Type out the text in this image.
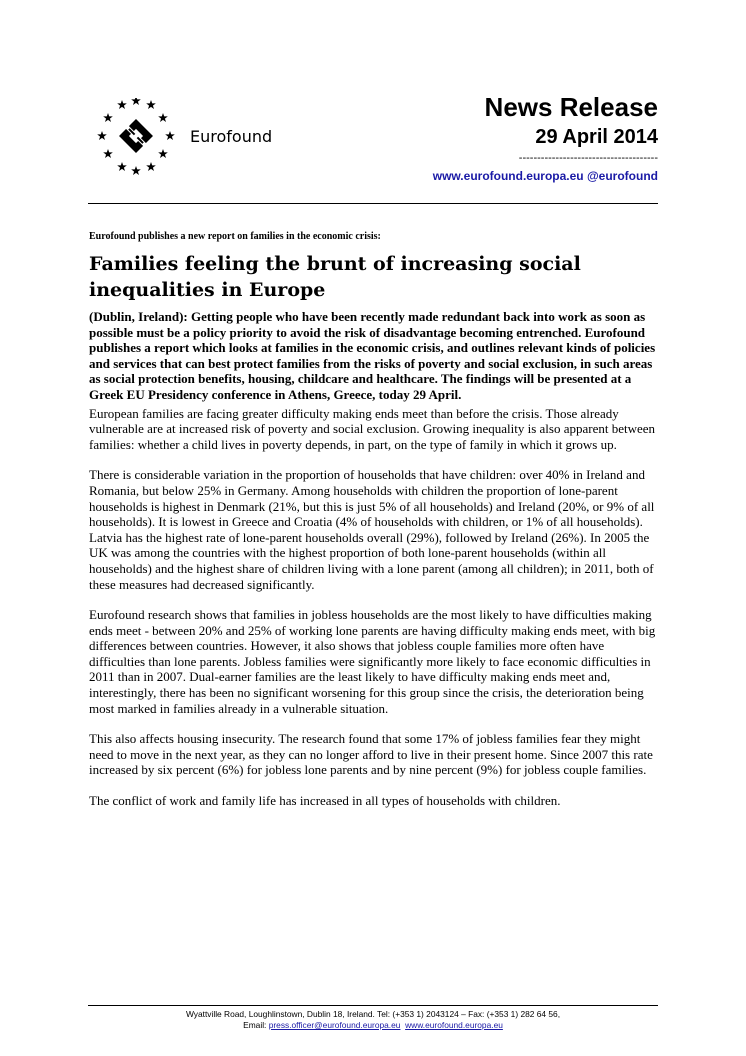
Eurofound
News Release
29 April 2014
--------------------------------------
www.eurofound.europa.eu @eurofound

Eurofound publishes a new report on families in the economic crisis:

Families feeling the brunt of increasing social inequalities in Europe

(Dublin, Ireland): Getting people who have been recently made redundant back into work as soon as possible must be a policy priority to avoid the risk of disadvantage becoming entrenched. Eurofound publishes a report which looks at families in the economic crisis, and outlines relevant kinds of policies and services that can best protect families from the risks of poverty and social exclusion, in such areas as social protection benefits, housing, childcare and healthcare. The findings will be presented at a Greek EU Presidency conference in Athens, Greece, today 29 April.

European families are facing greater difficulty making ends meet than before the crisis. Those already vulnerable are at increased risk of poverty and social exclusion. Growing inequality is also apparent between families: whether a child lives in poverty depends, in part, on the type of family in which it grows up.

There is considerable variation in the proportion of households that have children: over 40% in Ireland and Romania, but below 25% in Germany. Among households with children the proportion of lone-parent households is highest in Denmark (21%, but this is just 5% of all households) and Ireland (20%, or 9% of all households). It is lowest in Greece and Croatia (4% of households with children, or 1% of all households). Latvia has the highest rate of lone-parent households overall (29%), followed by Ireland (26%). In 2005 the UK was among the countries with the highest proportion of both lone-parent households (within all households) and the highest share of children living with a lone parent (among all children); in 2011, both of these measures had decreased significantly.

Eurofound research shows that families in jobless households are the most likely to have difficulties making ends meet - between 20% and 25% of working lone parents are having difficulty making ends meet, with big differences between countries. However, it also shows that jobless couple families more often have difficulties than lone parents. Jobless families were significantly more likely to face economic difficulties in 2011 than in 2007. Dual-earner families are the least likely to have difficulty making ends meet and, interestingly, there has been no significant worsening for this group since the crisis, the deterioration being most marked in families already in a vulnerable situation.

This also affects housing insecurity. The research found that some 17% of jobless families fear they might need to move in the next year, as they can no longer afford to live in their present home. Since 2007 this rate increased by six percent (6%) for jobless lone parents and by nine percent (9%) for jobless couple families.

The conflict of work and family life has increased in all types of households with children.

Wyattville Road, Loughlinstown, Dublin 18, Ireland. Tel: (+353 1) 2043124 – Fax: (+353 1) 282 64 56,
Email: press.officer@eurofound.europa.eu www.eurofound.europa.eu
